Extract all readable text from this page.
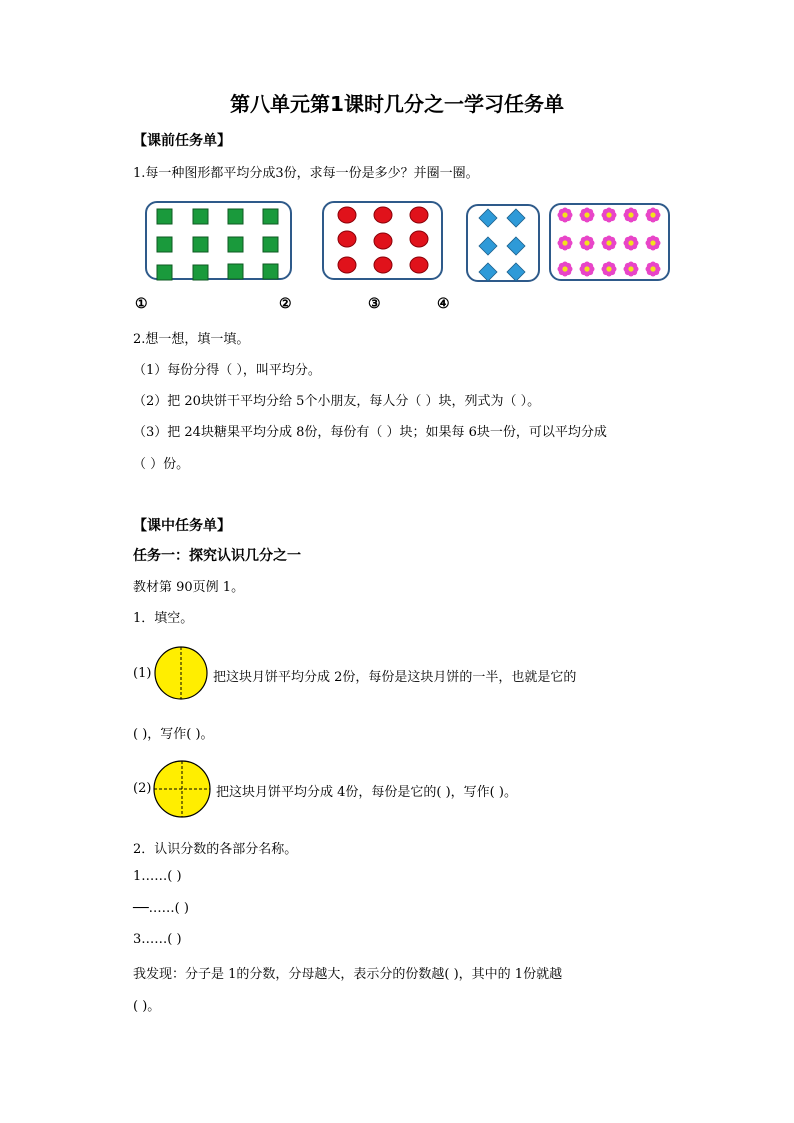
第八单元第1课时几分之一学习任务单
【课前任务单】
1.每一种图形都平均分成3份，求每一份是多少？并圈一圈。
①	②	③	④
2.想一想，填一填。
（1）每份分得（ ），叫平均分。
（2）把 20块饼干平均分给 5个小朋友，每人分（ ）块，列式为（ ）。
（3）把 24块糖果平均分成 8份，每份有（ ）块；如果每 6块一份，可以平均分成
（ ）份。
【课中任务单】
任务一：探究认识几分之一
教材第 90页例 1。
1．填空。
(1)	把这块月饼平均分成 2份，每份是这块月饼的一半，也就是它的
( )，写作( )。
(2)	把这块月饼平均分成 4份，每份是它的( )，写作( )。
2．认识分数的各部分名称。
1……( )
──……( )
3……( )
我发现：分子是 1的分数，分母越大，表示分的份数越( )，其中的 1份就越
( )。
